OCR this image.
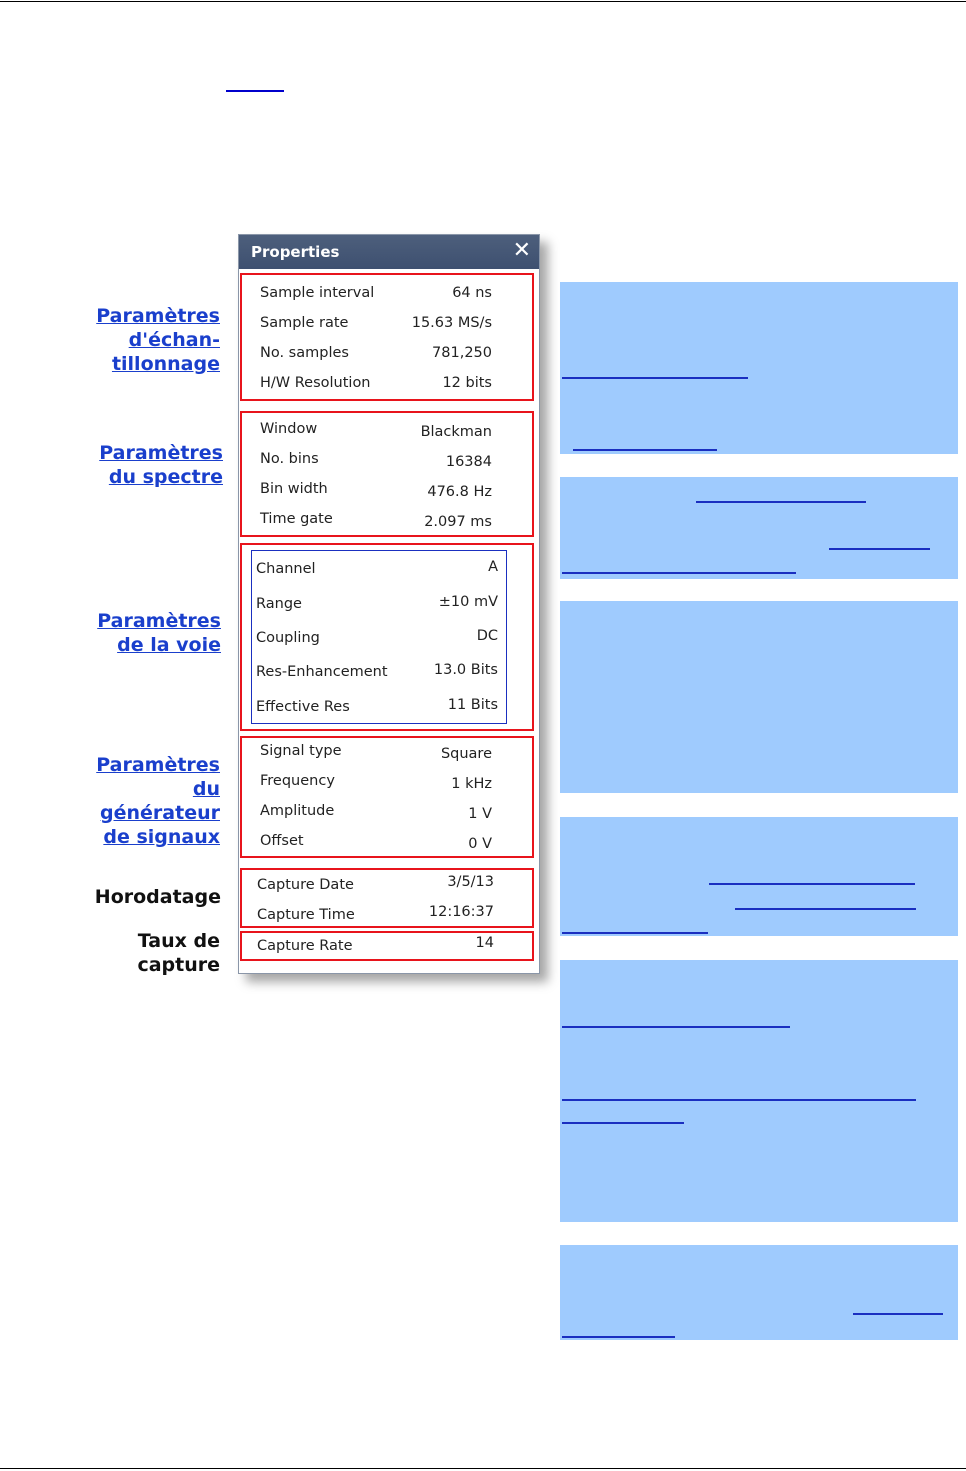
Paramètres
d'échan-
tillonnage
Paramètres
du spectre
Paramètres
de la voie
Paramètres
du
générateur
de signaux
Horodatage
Taux de
capture
Properties	✕
Sample interval	64 ns
Sample rate	15.63 MS/s
No. samples	781,250
H/W Resolution	12 bits
Window	Blackman
No. bins	16384
Bin width	476.8 Hz
Time gate	2.097 ms
Channel	A
Range	±10 mV
Coupling	DC
Res-Enhancement	13.0 Bits
Effective Res	11 Bits
Signal type	Square
Frequency	1 kHz
Amplitude	1 V
Offset	0 V
Capture Date	3/5/13
Capture Time	12:16:37
Capture Rate	14
